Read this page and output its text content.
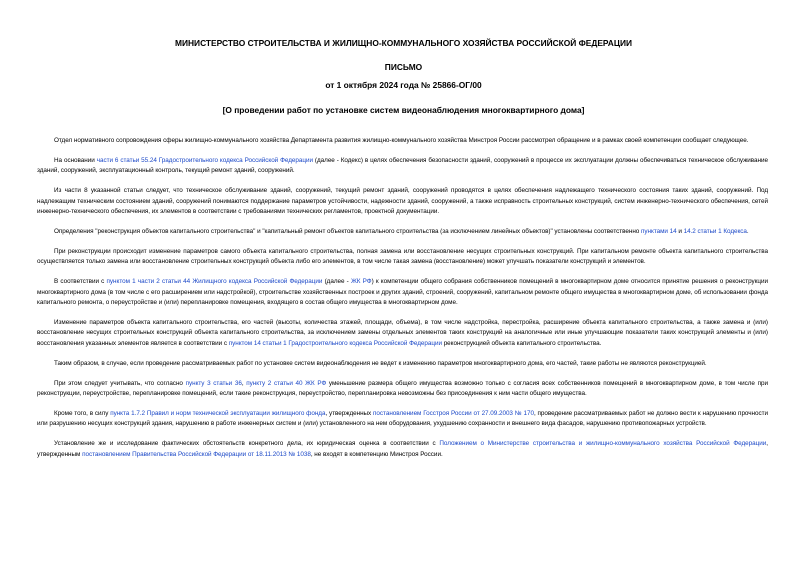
МИНИСТЕРСТВО СТРОИТЕЛЬСТВА И ЖИЛИЩНО-КОММУНАЛЬНОГО ХОЗЯЙСТВА РОССИЙСКОЙ ФЕДЕРАЦИИ
ПИСЬМО
от 1 октября 2024 года № 25866-ОГ/00
[О проведении работ по установке систем видеонаблюдения многоквартирного дома]

Отдел нормативного сопровождения сферы жилищно-коммунального хозяйства Департамента развития жилищно-коммунального хозяйства Минстроя России рассмотрел обращение и в рамках своей компетенции сообщает следующее.

На основании части 6 статьи 55.24 Градостроительного кодекса Российской Федерации (далее - Кодекс) в целях обеспечения безопасности зданий, сооружений в процессе их эксплуатации должны обеспечиваться техническое обслуживание зданий, сооружений, эксплуатационный контроль, текущий ремонт зданий, сооружений.

Из части 8 указанной статьи следует, что техническое обслуживание зданий, сооружений, текущий ремонт зданий, сооружений проводятся в целях обеспечения надлежащего технического состояния таких зданий, сооружений. Под надлежащим техническим состоянием зданий, сооружений понимаются поддержание параметров устойчивости, надежности зданий, сооружений, а также исправность строительных конструкций, систем инженерно-технического обеспечения, сетей инженерно-технического обеспечения, их элементов в соответствии с требованиями технических регламентов, проектной документации.

Определения "реконструкция объектов капитального строительства" и "капитальный ремонт объектов капитального строительства (за исключением линейных объектов)" установлены соответственно пунктами 14 и 14.2 статьи 1 Кодекса.

При реконструкции происходит изменение параметров самого объекта капитального строительства, полная замена или восстановление несущих строительных конструкций. При капитальном ремонте объекта капитального строительства осуществляется только замена или восстановление строительных конструкций объекта либо его элементов, в том числе такая замена (восстановление) может улучшать показатели конструкций и элементов.

В соответствии с пунктом 1 части 2 статьи 44 Жилищного кодекса Российской Федерации (далее - ЖК РФ) к компетенции общего собрания собственников помещений в многоквартирном доме относится принятие решения о реконструкции многоквартирного дома (в том числе с его расширением или надстройкой), строительстве хозяйственных построек и других зданий, строений, сооружений, капитальном ремонте общего имущества в многоквартирном доме, об использовании фонда капитального ремонта, о переустройстве и (или) перепланировке помещения, входящего в состав общего имущества в многоквартирном доме.

Изменение параметров объекта капитального строительства, его частей (высоты, количества этажей, площади, объема), в том числе надстройка, перестройка, расширение объекта капитального строительства, а также замена и (или) восстановление несущих строительных конструкций объекта капитального строительства, за исключением замены отдельных элементов таких конструкций на аналогичные или иные улучшающие показатели таких конструкций элементы и (или) восстановления указанных элементов является в соответствии с пунктом 14 статьи 1 Градостроительного кодекса Российской Федерации реконструкцией объекта капитального строительства.

Таким образом, в случае, если проведение рассматриваемых работ по установке систем видеонаблюдения не ведет к изменению параметров многоквартирного дома, его частей, такие работы не являются реконструкцией.

При этом следует учитывать, что согласно пункту 3 статьи 36, пункту 2 статьи 40 ЖК РФ уменьшение размера общего имущества возможно только с согласия всех собственников помещений в многоквартирном доме, в том числе при реконструкции, переустройстве, перепланировке помещений, если такие реконструкция, переустройство, перепланировка невозможны без присоединения к ним части общего имущества.

Кроме того, в силу пункта 1.7.2 Правил и норм технической эксплуатации жилищного фонда, утвержденных постановлением Госстроя России от 27.09.2003 № 170, проведение рассматриваемых работ не должно вести к нарушению прочности или разрушению несущих конструкций здания, нарушению в работе инженерных систем и (или) установленного на нем оборудования, ухудшению сохранности и внешнего вида фасадов, нарушению противопожарных устройств.

Установление же и исследование фактических обстоятельств конкретного дела, их юридическая оценка в соответствии с Положением о Министерстве строительства и жилищно-коммунального хозяйства Российской Федерации, утвержденным постановлением Правительства Российской Федерации от 18.11.2013 № 1038, не входят в компетенцию Минстроя России.
